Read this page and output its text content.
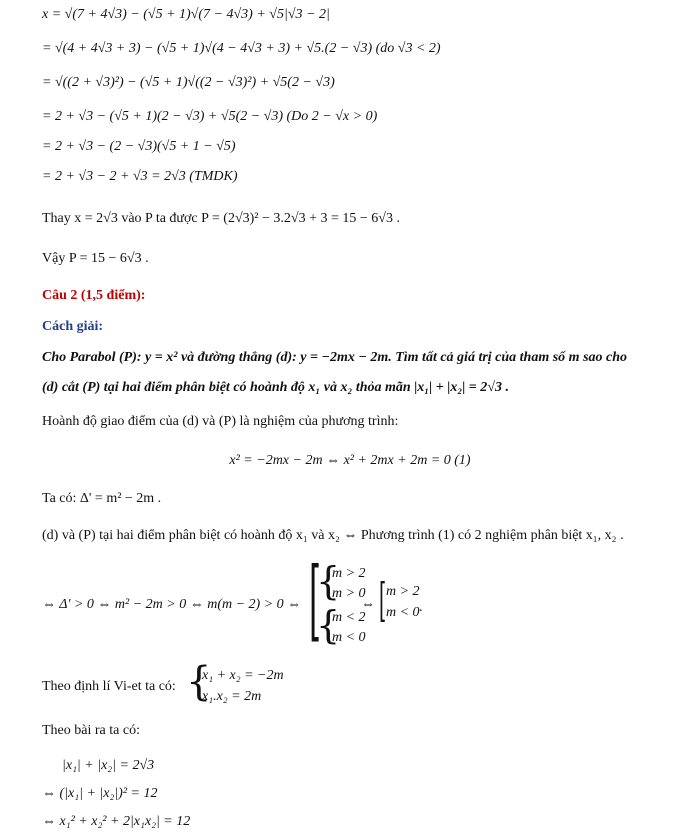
x = √(7 + 4√3) − (√5 + 1)√(7 − 4√3) + √5|√3 − 2|
= √(4 + 4√3 + 3) − (√5 + 1)√(4 − 4√3 + 3) + √5.(2 − √3) (do √3 < 2)
= √((2 + √3)²) − (√5 + 1)√((2 − √3)²) + √5(2 − √3)
= 2 + √3 − (√5 + 1)(2 − √3) + √5(2 − √3) (Do 2 − √x > 0)
= 2 + √3 − (2 − √3)(√5 + 1 − √5)
= 2 + √3 − 2 + √3 = 2√3 (TMDK)
Thay x = 2√3 vào P ta được P = (2√3)² − 3.2√3 + 3 = 15 − 6√3 .
Vậy P = 15 − 6√3 .
Câu 2 (1,5 điểm):
Cách giải:
Cho Parabol (P): y = x² và đường thẳng (d): y = −2mx − 2m. Tìm tất cả giá trị của tham số m sao cho
(d) cắt (P) tại hai điểm phân biệt có hoành độ x₁ và x₂ thỏa mãn |x₁| + |x₂| = 2√3 .
Hoành độ giao điểm của (d) và (P) là nghiệm của phương trình:
x² = −2mx − 2m ⇔ x² + 2mx + 2m = 0 (1)
Ta có: Δ' = m² − 2m .
(d) và (P) tại hai điểm phân biệt có hoành độ x₁ và x₂ ⇔ Phương trình (1) có 2 nghiệm phân biệt x₁, x₂ .
⇔ Δ' > 0 ⇔ m² − 2m > 0 ⇔ m(m − 2) > 0 ⇔ [
{
{
m > 2
m > 0
m < 2
m < 0
⇔ [ m > 2
m < 0 .
Theo định lí Vi-et ta có: {
x₁ + x₂ = −2m
x₁.x₂ = 2m
Theo bài ra ta có:
|x₁| + |x₂| = 2√3
⇔ (|x₁| + |x₂|)² = 12
⇔ x₁² + x₂² + 2|x₁x₂| = 12
